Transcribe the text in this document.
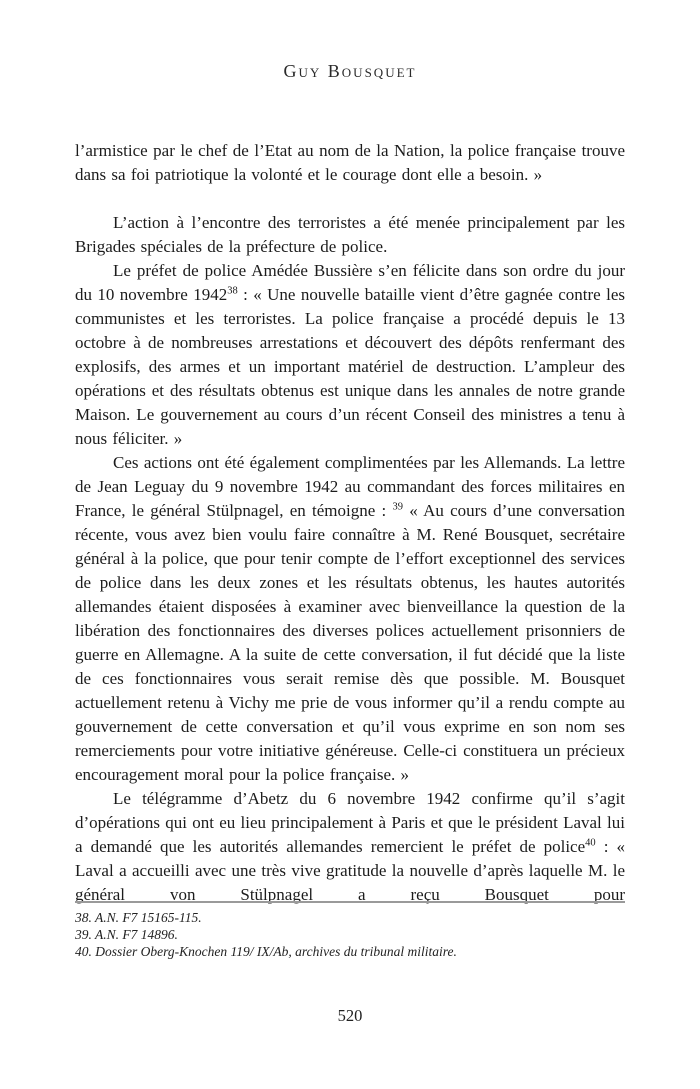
Guy Bousquet

l’armistice par le chef de l’Etat au nom de la Nation, la police française trouve dans sa foi patriotique la volonté et le courage dont elle a besoin. »

L’action à l’encontre des terroristes a été menée principalement par les Brigades spéciales de la préfecture de police.

Le préfet de police Amédée Bussière s’en félicite dans son ordre du jour du 10 novembre 1942$^{38}$ : « Une nouvelle bataille vient d’être gagnée contre les communistes et les terroristes. La police française a procédé depuis le 13 octobre à de nombreuses arrestations et découvert des dépôts renfermant des explosifs, des armes et un important matériel de destruction. L’ampleur des opérations et des résultats obtenus est unique dans les annales de notre grande Maison. Le gouvernement au cours d’un récent Conseil des ministres a tenu à nous féliciter. »

Ces actions ont été également complimentées par les Allemands. La lettre de Jean Leguay du 9 novembre 1942 au commandant des forces militaires en France, le général Stülpnagel, en témoigne : $^{39}$ « Au cours d’une conversation récente, vous avez bien voulu faire connaître à M. René Bousquet, secrétaire général à la police, que pour tenir compte de l’effort exceptionnel des services de police dans les deux zones et les résultats obtenus, les hautes autorités allemandes étaient disposées à examiner avec bienveillance la question de la libération des fonctionnaires des diverses polices actuellement prisonniers de guerre en Allemagne. A la suite de cette conversation, il fut décidé que la liste de ces fonctionnaires vous serait remise dès que possible. M. Bousquet actuellement retenu à Vichy me prie de vous informer qu’il a rendu compte au gouvernement de cette conversation et qu’il vous exprime en son nom ses remerciements pour votre initiative généreuse. Celle-ci constituera un précieux encouragement moral pour la police française. »

Le télégramme d’Abetz du 6 novembre 1942 confirme qu’il s’agit d’opérations qui ont eu lieu principalement à Paris et que le président Laval lui a demandé que les autorités allemandes remercient le préfet de police$^{40}$ : « Laval a accueilli avec une très vive gratitude la nouvelle d’après laquelle M. le général von Stülpnagel a reçu Bousquet pour

38. A.N. F7 15165-115.
39. A.N. F7 14896.
40. Dossier Oberg-Knochen 119/ IX/Ab, archives du tribunal militaire.
520
